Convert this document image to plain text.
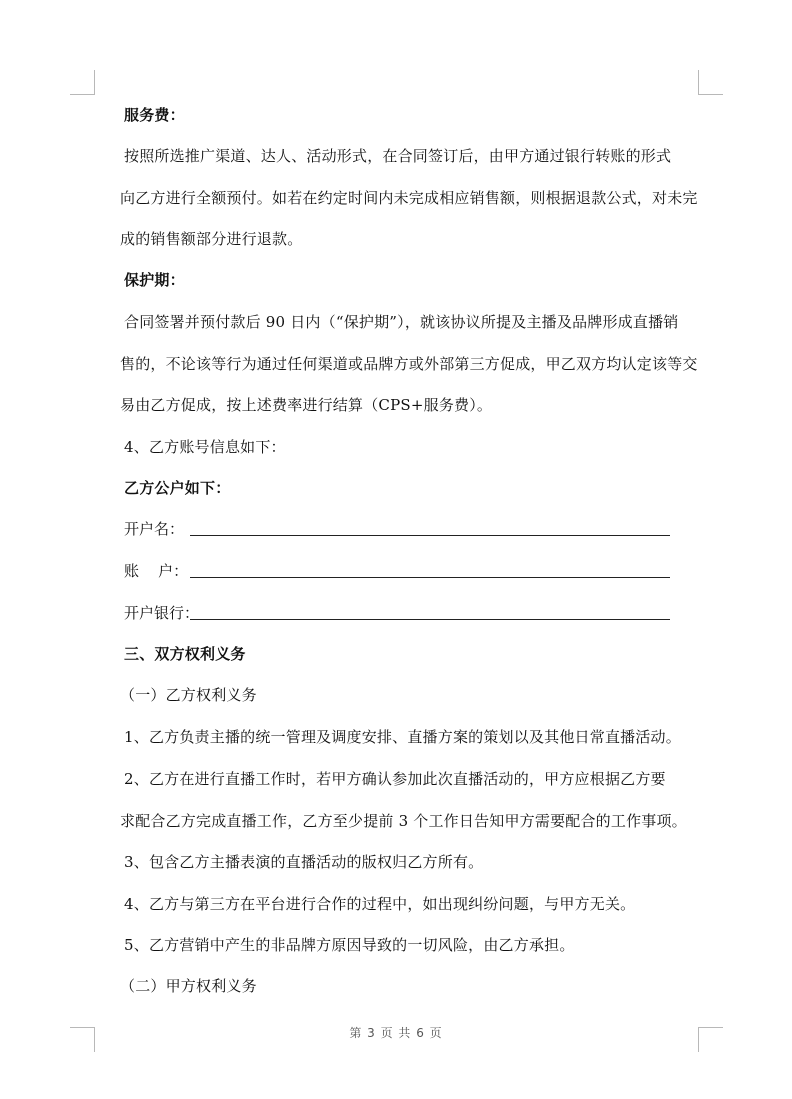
服务费：
按照所选推广渠道、达人、活动形式，在合同签订后，由甲方通过银行转账的形式
向乙方进行全额预付。如若在约定时间内未完成相应销售额，则根据退款公式，对未完
成的销售额部分进行退款。
保护期：
合同签署并预付款后 90 日内（“保护期”），就该协议所提及主播及品牌形成直播销
售的，不论该等行为通过任何渠道或品牌方或外部第三方促成，甲乙双方均认定该等交
易由乙方促成，按上述费率进行结算（CPS+服务费）。
4、乙方账号信息如下：
乙方公户如下：
开户名：
账    户：
开户银行：
三、双方权利义务
（一）乙方权利义务
1、乙方负责主播的统一管理及调度安排、直播方案的策划以及其他日常直播活动。
2、乙方在进行直播工作时，若甲方确认参加此次直播活动的，甲方应根据乙方要
求配合乙方完成直播工作，乙方至少提前 3 个工作日告知甲方需要配合的工作事项。
3、包含乙方主播表演的直播活动的版权归乙方所有。
4、乙方与第三方在平台进行合作的过程中，如出现纠纷问题，与甲方无关。
5、乙方营销中产生的非品牌方原因导致的一切风险，由乙方承担。
（二）甲方权利义务
第 3 页 共 6 页
